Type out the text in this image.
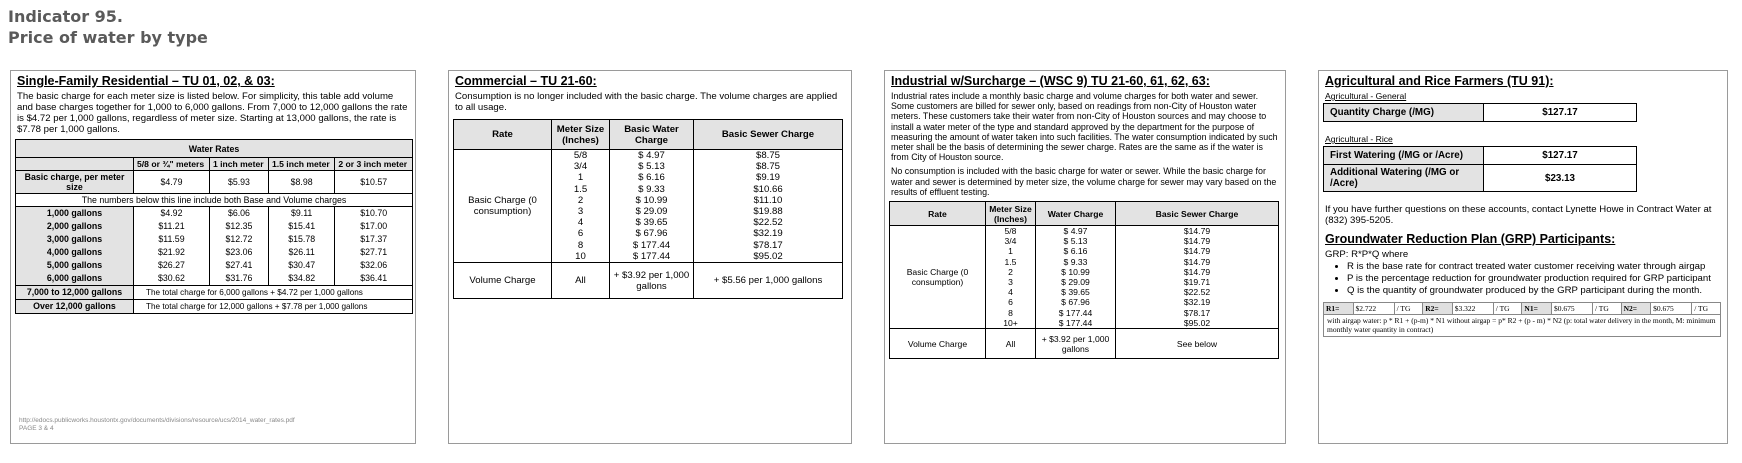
Indicator 95.
Price of water by type
Single-Family Residential – TU 01, 02, & 03:
The basic charge for each meter size is listed below. For simplicity, this table add volume and base charges together for 1,000 to 6,000 gallons. From 7,000 to 12,000 gallons the rate is $4.72 per 1,000 gallons, regardless of meter size. Starting at 13,000 gallons, the rate is $7.78 per 1,000 gallons.
Water Rates				
	5/8 or ¾" meters	1 inch meter	1.5 inch meter	2 or 3 inch meter
Basic charge, per meter size	$4.79	$5.93	$8.98	$10.57
The numbers below this line include both Base and Volume charges				
1,000 gallons	$4.92	$6.06	$9.11	$10.70
2,000 gallons	$11.21	$12.35	$15.41	$17.00
3,000 gallons	$11.59	$12.72	$15.78	$17.37
4,000 gallons	$21.92	$23.06	$26.11	$27.71
5,000 gallons	$26.27	$27.41	$30.47	$32.06
6,000 gallons	$30.62	$31.76	$34.82	$36.41
7,000 to 12,000 gallons	The total charge for 6,000 gallons + $4.72 per 1,000 gallons			
Over 12,000 gallons	The total charge for 12,000 gallons + $7.78 per 1,000 gallons			
http://edocs.publicworks.houstontx.gov/documents/divisions/resource/ucs/2014_water_rates.pdf
PAGE 3 & 4
Commercial – TU 21-60:
Consumption is no longer included with the basic charge. The volume charges are applied to all usage.
Rate	Meter Size (Inches)	Basic Water Charge	Basic Sewer Charge
Basic Charge (0 consumption)	5/8	$ 4.97	$8.75
	3/4	$ 5.13	$8.75
	1	$ 6.16	$9.19
	1.5	$ 9.33	$10.66
	2	$ 10.99	$11.10
	3	$ 29.09	$19.88
	4	$ 39.65	$22.52
	6	$ 67.96	$32.19
	8	$ 177.44	$78.17
	10	$ 177.44	$95.02
Volume Charge	All	+ $3.92 per 1,000 gallons	+ $5.56 per 1,000 gallons
Industrial w/Surcharge – (WSC 9) TU 21-60, 61, 62, 63:
Industrial rates include a monthly basic charge and volume charges for both water and sewer. Some customers are billed for sewer only, based on readings from non-City of Houston water meters. These customers take their water from non-City of Houston sources and may choose to install a water meter of the type and standard approved by the department for the purpose of measuring the amount of water taken into such facilities. The water consumption indicated by such meter shall be the basis of determining the sewer charge. Rates are the same as if the water is from City of Houston source.
No consumption is included with the basic charge for water or sewer. While the basic charge for water and sewer is determined by meter size, the volume charge for sewer may vary based on the results of effluent testing.
Rate	Meter Size (Inches)	Water Charge	Basic Sewer Charge
Basic Charge (0 consumption)	5/8	$ 4.97	$14.79
	3/4	$ 5.13	$14.79
	1	$ 6.16	$14.79
	1.5	$ 9.33	$14.79
	2	$ 10.99	$14.79
	3	$ 29.09	$19.71
	4	$ 39.65	$22.52
	6	$ 67.96	$32.19
	8	$ 177.44	$78.17
	10+	$ 177.44	$95.02
Volume Charge	All	+ $3.92 per 1,000 gallons	See below
Agricultural and Rice Farmers (TU 91):
Agricultural - General
Quantity Charge (/MG)	$127.17
Agricultural - Rice
First Watering (/MG or /Acre)	$127.17
Additional Watering (/MG or /Acre)	$23.13
If you have further questions on these accounts, contact Lynette Howe in Contract Water at (832) 395-5205.
Groundwater Reduction Plan (GRP) Participants:
GRP: R*P*Q where
• R is the base rate for contract treated water customer receiving water through airgap
• P is the percentage reduction for groundwater production required for GRP participant
• Q is the quantity of groundwater produced by the GRP participant during the month.
R1=	$2.722	/ TG	R2=	$3.322	/ TG	N1=	$0.675	/ TG	N2=	$0.675	/ TG
with airgap water: p * R1 + (p-m) * N1 without airgap = p* R2 + (p - m) * N2 (p: total water delivery in the month, M: minimum monthly water quantity in contract)
